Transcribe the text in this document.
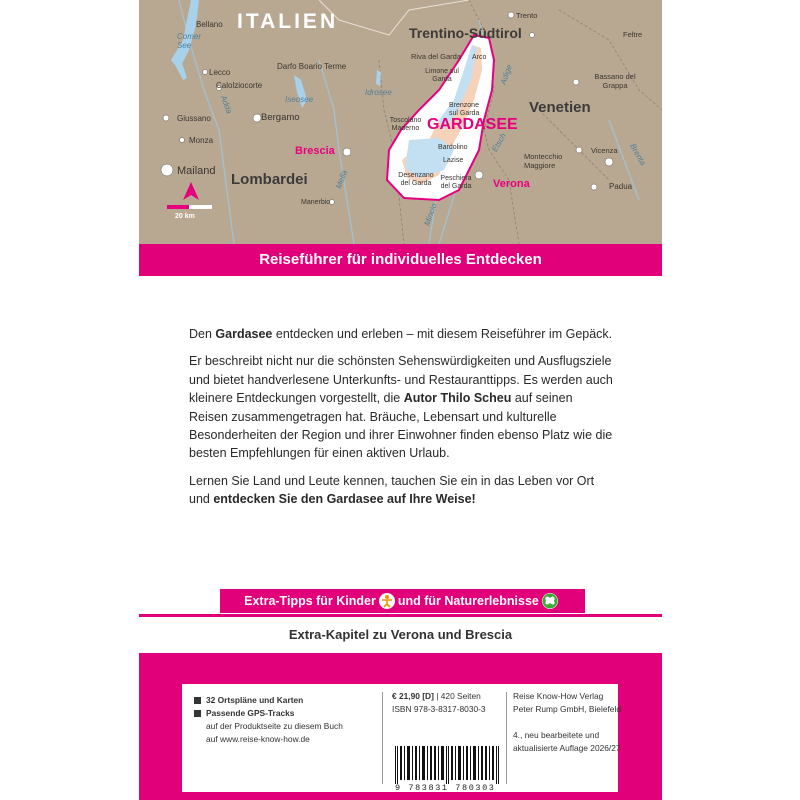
ITALIEN	Trentino-Südtirol
Lombardei
Venetien
GARDASEE
Brescia
Verona
Bellano
Lecco
Calolziocorte
Darfo Boario Terme
Giussano
Monza
Bergamo
Mailand
Manerbio
Riva del Garda Arco
Limone sul Garda
Brenzone sul Garda
Toscolano Maderno
Bardolino
Lazise
Desenzano del Garda
Peschiera del Garda
Trento
Feltre
Bassano del Grappa
Montecchio Maggiore
Vicenza
Padua
Comer See
Adda	Iseosee
Idrosee
Etsch
Adige
Mella
Mincio
Brenta
20 km
Reiseführer für individuelles Entdecken

Den Gardasee entdecken und erleben – mit diesem Reiseführer im Gepäck.

Er beschreibt nicht nur die schönsten Sehenswürdigkeiten und Ausflugsziele und bietet handverlesene Unterkunfts- und Restauranttipps. Es werden auch kleinere Entdeckungen vorgestellt, die Autor Thilo Scheu auf seinen Reisen zusammengetragen hat. Bräuche, Lebensart und kulturelle Besonderheiten der Region und ihrer Einwohner finden ebenso Platz wie die besten Empfehlungen für einen aktiven Urlaub.

Lernen Sie Land und Leute kennen, tauchen Sie ein in das Leben vor Ort und entdecken Sie den Gardasee auf Ihre Weise!

Extra-Tipps für Kinder und für Naturerlebnisse
Extra-Kapitel zu Verona und Brescia
32 Ortspläne und Karten
Passende GPS-Tracks
auf der Produktseite zu diesem Buch
auf www.reise-know-how.de
€ 21,90 [D] | 420 Seiten
ISBN 978-3-8317-8030-3
Reise Know-How Verlag
Peter Rump GmbH, Bielefeld
4., neu bearbeitete und
aktualisierte Auflage 2026/27
9 783831 780303
